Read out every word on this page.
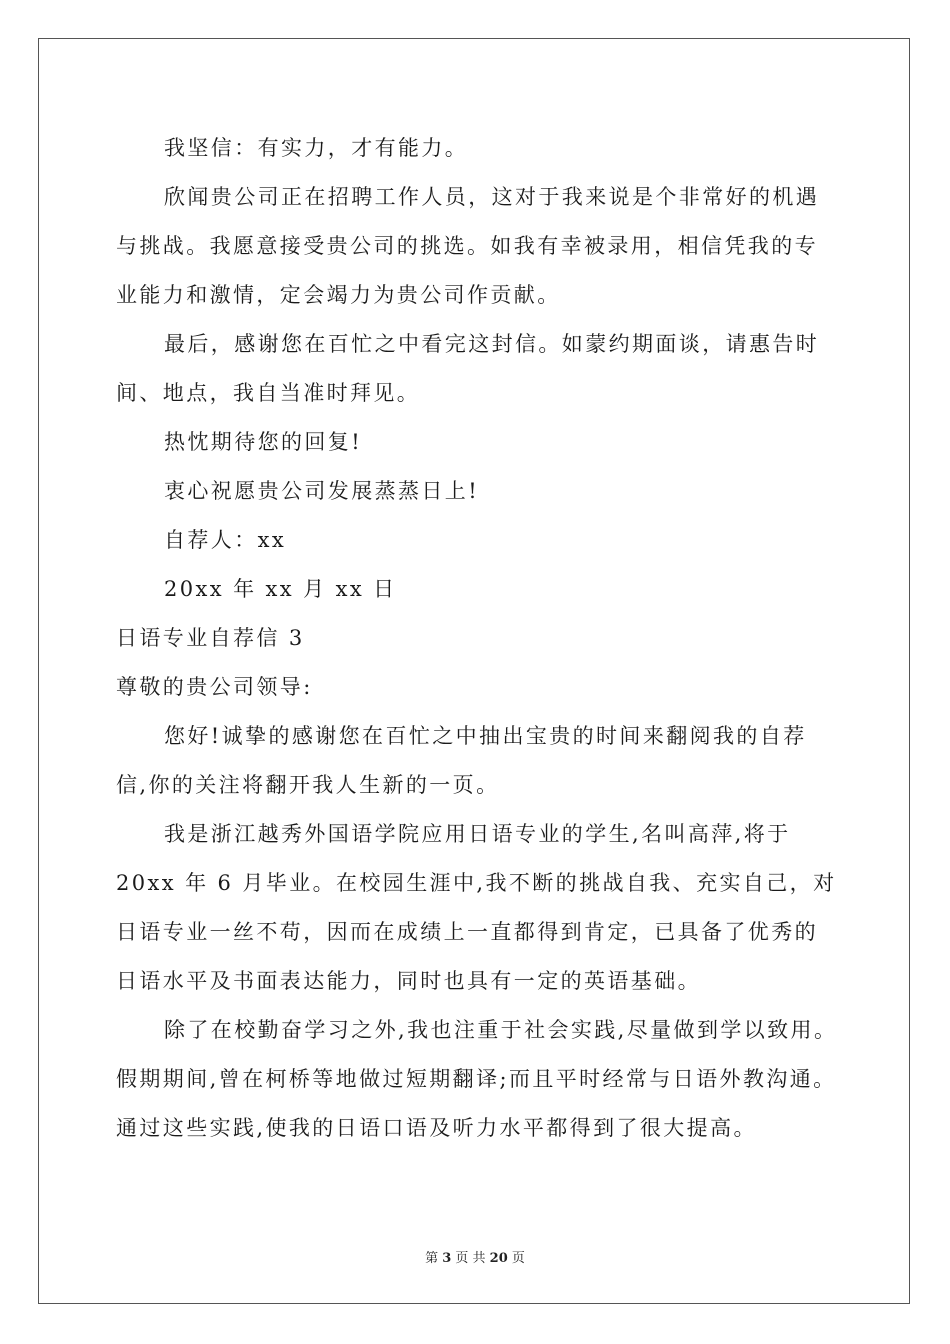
我坚信：有实力，才有能力。
欣闻贵公司正在招聘工作人员，这对于我来说是个非常好的机遇
与挑战。我愿意接受贵公司的挑选。如我有幸被录用，相信凭我的专
业能力和激情，定会竭力为贵公司作贡献。
最后，感谢您在百忙之中看完这封信。如蒙约期面谈，请惠告时
间、地点，我自当准时拜见。
热忱期待您的回复!
衷心祝愿贵公司发展蒸蒸日上!
自荐人：xx
20xx 年 xx 月 xx 日
日语专业自荐信 3
尊敬的贵公司领导:
您好!诚挚的感谢您在百忙之中抽出宝贵的时间来翻阅我的自荐
信,你的关注将翻开我人生新的一页。
我是浙江越秀外国语学院应用日语专业的学生,名叫高萍,将于
20xx 年 6 月毕业。在校园生涯中,我不断的挑战自我、充实自己，对
日语专业一丝不苟，因而在成绩上一直都得到肯定，已具备了优秀的
日语水平及书面表达能力，同时也具有一定的英语基础。
除了在校勤奋学习之外,我也注重于社会实践,尽量做到学以致用。
假期期间,曾在柯桥等地做过短期翻译;而且平时经常与日语外教沟通。
通过这些实践,使我的日语口语及听力水平都得到了很大提高。
第 3 页 共 20 页
